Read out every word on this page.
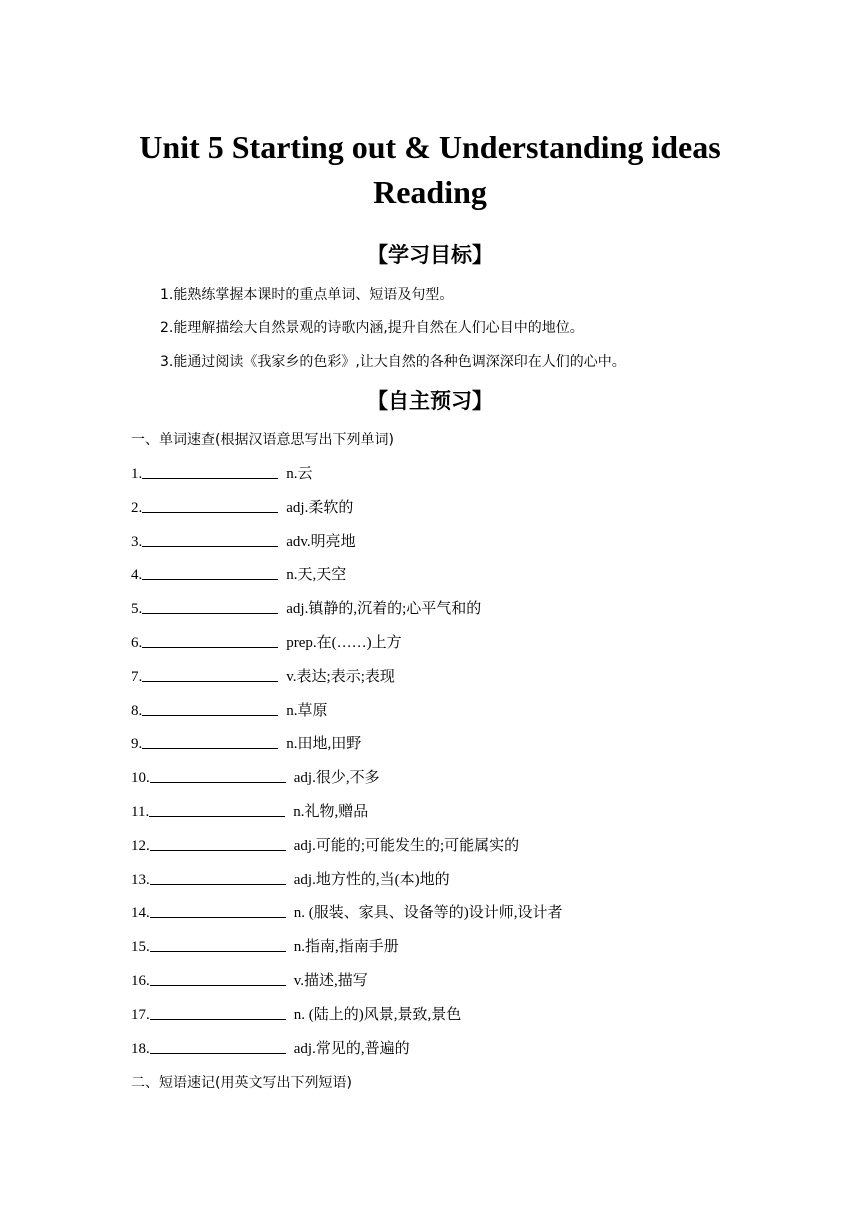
Unit 5 Starting out & Understanding ideas
Reading
【学习目标】
1.能熟练掌握本课时的重点单词、短语及句型。
2.能理解描绘大自然景观的诗歌内涵,提升自然在人们心目中的地位。
3.能通过阅读《我家乡的色彩》,让大自然的各种色调深深印在人们的心中。
【自主预习】
一、单词速查(根据汉语意思写出下列单词)
1.	n.云
2.	adj.柔软的
3.	adv.明亮地
4.	n.天,天空
5.	adj.镇静的,沉着的;心平气和的
6.	prep.在(……)上方
7.	v.表达;表示;表现
8.	n.草原
9.	n.田地,田野
10.	adj.很少,不多
11.	n.礼物,赠品
12.	adj.可能的;可能发生的;可能属实的
13.	adj.地方性的,当(本)地的
14.	n. (服装、家具、设备等的)设计师,设计者
15.	n.指南,指南手册
16.	v.描述,描写
17.	n. (陆上的)风景,景致,景色
18.	adj.常见的,普遍的
二、短语速记(用英文写出下列短语)
